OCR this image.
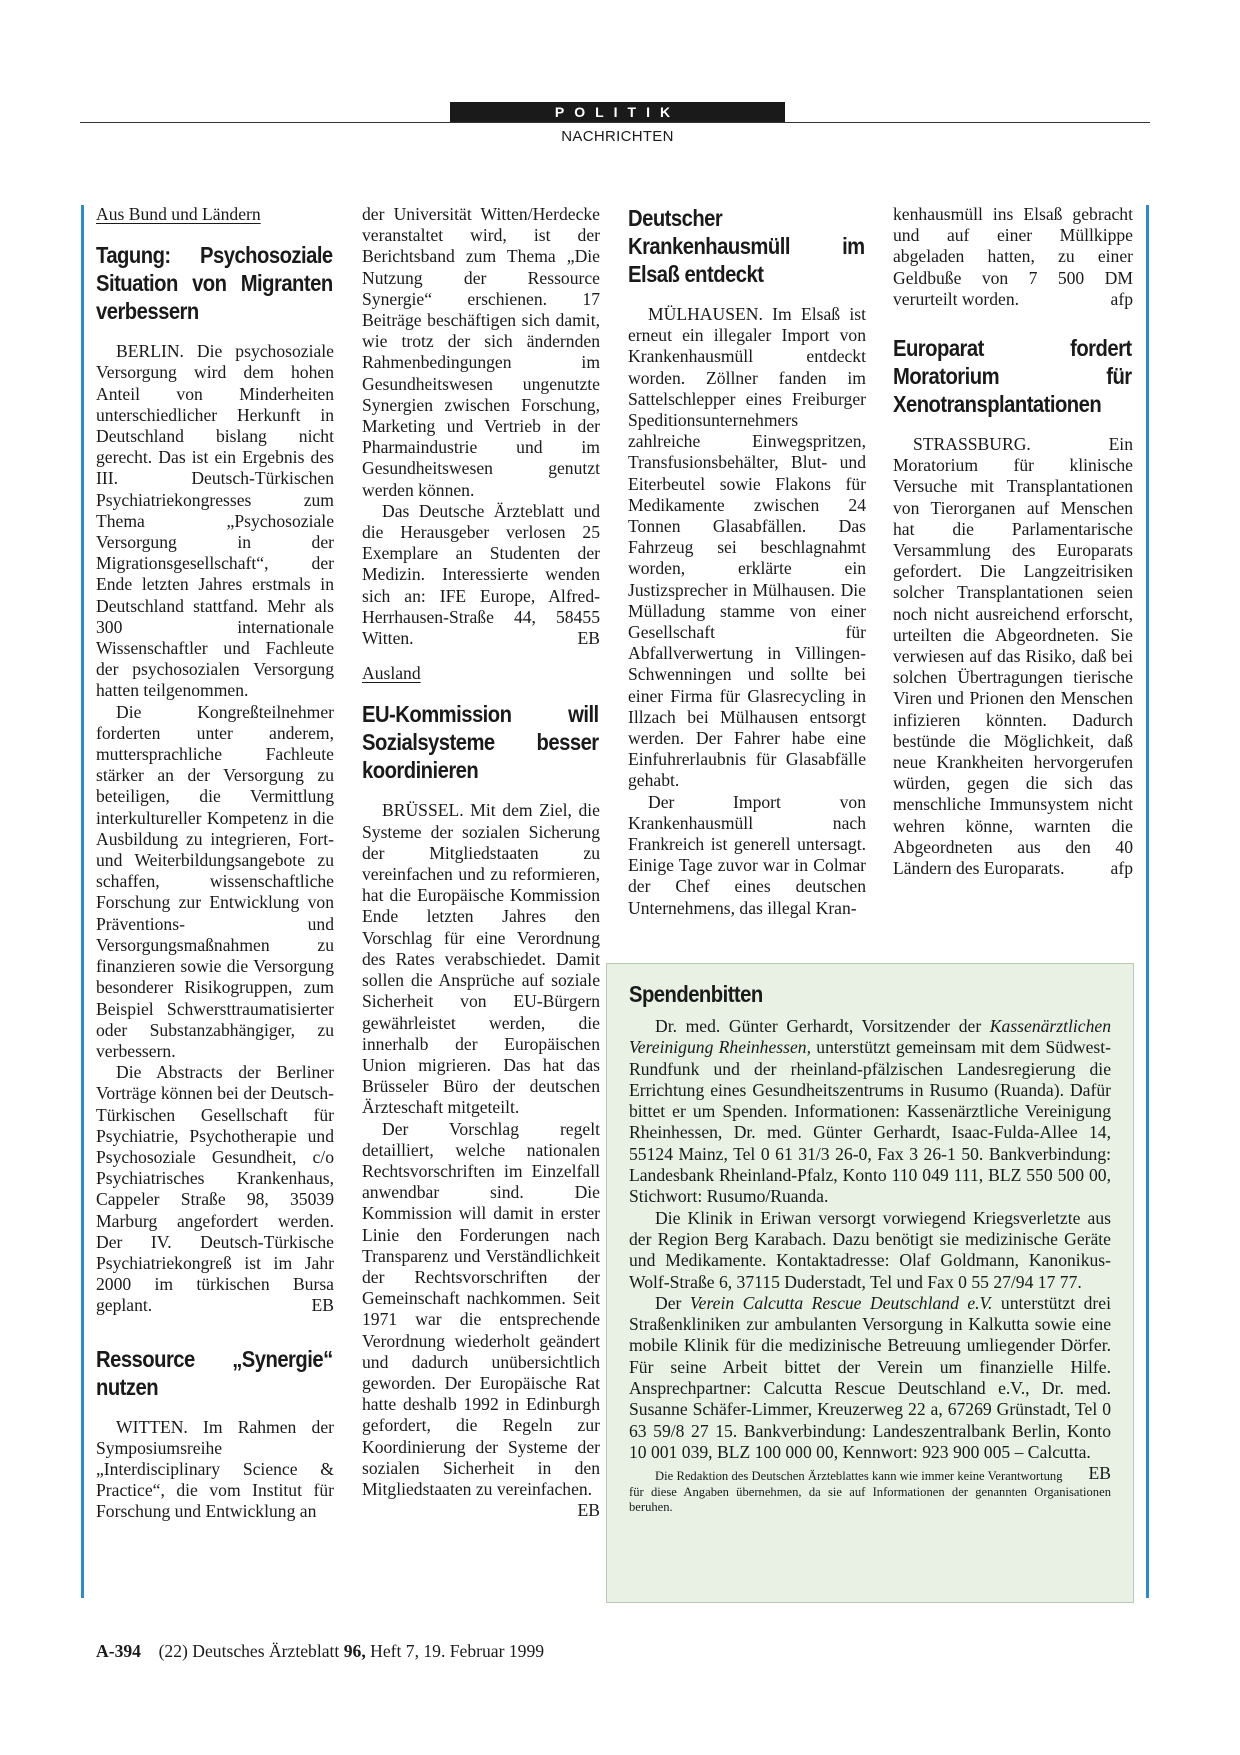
POLITIK
NACHRICHTEN
Aus Bund und Ländern
Tagung: Psychosoziale Situation von Migranten verbessern

BERLIN. Die psychosoziale Versorgung wird dem hohen Anteil von Minderheiten unterschiedlicher Herkunft in Deutschland bislang nicht gerecht. Das ist ein Ergebnis des III. Deutsch-Türkischen Psychiatriekongresses zum Thema „Psychosoziale Versorgung in der Migrationsgesellschaft“, der Ende letzten Jahres erstmals in Deutschland stattfand. Mehr als 300 internationale Wissenschaftler und Fachleute der psychosozialen Versorgung hatten teilgenommen.

Die Kongreßteilnehmer forderten unter anderem, muttersprachliche Fachleute stärker an der Versorgung zu beteiligen, die Vermittlung interkultureller Kompetenz in die Ausbildung zu integrieren, Fort- und Weiterbildungsangebote zu schaffen, wissenschaftliche Forschung zur Entwicklung von Präventions- und Versorgungsmaßnahmen zu finanzieren sowie die Versorgung besonderer Risikogruppen, zum Beispiel Schwersttraumatisierter oder Substanzabhängiger, zu verbessern.

Die Abstracts der Berliner Vorträge können bei der Deutsch-Türkischen Gesellschaft für Psychiatrie, Psychotherapie und Psychosoziale Gesundheit, c/o Psychiatrisches Krankenhaus, Cappeler Straße 98, 35039 Marburg angefordert werden. Der IV. Deutsch-Türkische Psychiatriekongreß ist im Jahr 2000 im türkischen Bursa geplant.	EB

Ressource „Synergie“ nutzen

WITTEN. Im Rahmen der Symposiumsreihe „Interdisciplinary Science & Practice“, die vom Institut für Forschung und Entwicklung an

der Universität Witten/Herdecke veranstaltet wird, ist der Berichtsband zum Thema „Die Nutzung der Ressource Synergie“ erschienen. 17 Beiträge beschäftigen sich damit, wie trotz der sich ändernden Rahmenbedingungen im Gesundheitswesen ungenutzte Synergien zwischen Forschung, Marketing und Vertrieb in der Pharmaindustrie und im Gesundheitswesen genutzt werden können.

Das Deutsche Ärzteblatt und die Herausgeber verlosen 25 Exemplare an Studenten der Medizin. Interessierte wenden sich an: IFE Europe, Alfred-Herrhausen-Straße 44, 58455 Witten.	EB

Ausland
EU-Kommission will Sozialsysteme besser koordinieren

BRÜSSEL. Mit dem Ziel, die Systeme der sozialen Sicherung der Mitgliedstaaten zu vereinfachen und zu reformieren, hat die Europäische Kommission Ende letzten Jahres den Vorschlag für eine Verordnung des Rates verabschiedet. Damit sollen die Ansprüche auf soziale Sicherheit von EU-Bürgern gewährleistet werden, die innerhalb der Europäischen Union migrieren. Das hat das Brüsseler Büro der deutschen Ärzteschaft mitgeteilt.

Der Vorschlag regelt detailliert, welche nationalen Rechtsvorschriften im Einzelfall anwendbar sind. Die Kommission will damit in erster Linie den Forderungen nach Transparenz und Verständlichkeit der Rechtsvorschriften der Gemeinschaft nachkommen. Seit 1971 war die entsprechende Verordnung wiederholt geändert und dadurch unübersichtlich geworden. Der Europäische Rat hatte deshalb 1992 in Edinburgh gefordert, die Regeln zur Koordinierung der Systeme der sozialen Sicherheit in den Mitgliedstaaten zu vereinfachen.
EB

Deutscher Krankenhausmüll im Elsaß entdeckt

MÜLHAUSEN. Im Elsaß ist erneut ein illegaler Import von Krankenhausmüll entdeckt worden. Zöllner fanden im Sattelschlepper eines Freiburger Speditionsunternehmers zahlreiche Einwegspritzen, Transfusionsbehälter, Blut- und Eiterbeutel sowie Flakons für Medikamente zwischen 24 Tonnen Glasabfällen. Das Fahrzeug sei beschlagnahmt worden, erklärte ein Justizsprecher in Mülhausen. Die Mülladung stamme von einer Gesellschaft für Abfallverwertung in Villingen-Schwenningen und sollte bei einer Firma für Glasrecycling in Illzach bei Mülhausen entsorgt werden. Der Fahrer habe eine Einfuhrerlaubnis für Glasabfälle gehabt.

Der Import von Krankenhausmüll nach Frankreich ist generell untersagt. Einige Tage zuvor war in Colmar der Chef eines deutschen Unternehmens, das illegal Kran-

kenhausmüll ins Elsaß gebracht und auf einer Müllkippe abgeladen hatten, zu einer Geldbuße von 7 500 DM verurteilt worden.	afp

Europarat fordert Moratorium für Xenotransplantationen

STRASSBURG. Ein Moratorium für klinische Versuche mit Transplantationen von Tierorganen auf Menschen hat die Parlamentarische Versammlung des Europarats gefordert. Die Langzeitrisiken solcher Transplantationen seien noch nicht ausreichend erforscht, urteilten die Abgeordneten. Sie verwiesen auf das Risiko, daß bei solchen Übertragungen tierische Viren und Prionen den Menschen infizieren könnten. Dadurch bestünde die Möglichkeit, daß neue Krankheiten hervorgerufen würden, gegen die sich das menschliche Immunsystem nicht wehren könne, warnten die Abgeordneten aus den 40 Ländern des Europarats.	afp

Spendenbitten

Dr. med. Günter Gerhardt, Vorsitzender der Kassenärztlichen Vereinigung Rheinhessen, unterstützt gemeinsam mit dem Südwest-Rundfunk und der rheinland-pfälzischen Landesregierung die Errichtung eines Gesundheitszentrums in Rusumo (Ruanda). Dafür bittet er um Spenden. Informationen: Kassenärztliche Vereinigung Rheinhessen, Dr. med. Günter Gerhardt, Isaac-Fulda-Allee 14, 55124 Mainz, Tel 0 61 31/3 26-0, Fax 3 26-1 50. Bankverbindung: Landesbank Rheinland-Pfalz, Konto 110 049 111, BLZ 550 500 00, Stichwort: Rusumo/Ruanda.

Die Klinik in Eriwan versorgt vorwiegend Kriegsverletzte aus der Region Berg Karabach. Dazu benötigt sie medizinische Geräte und Medikamente. Kontaktadresse: Olaf Goldmann, Kanonikus-Wolf-Straße 6, 37115 Duderstadt, Tel und Fax 0 55 27/94 17 77.

Der Verein Calcutta Rescue Deutschland e.V. unterstützt drei Straßenkliniken zur ambulanten Versorgung in Kalkutta sowie eine mobile Klinik für die medizinische Betreuung umliegender Dörfer. Für seine Arbeit bittet der Verein um finanzielle Hilfe. Ansprechpartner: Calcutta Rescue Deutschland e.V., Dr. med. Susanne Schäfer-Limmer, Kreuzerweg 22 a, 67269 Grünstadt, Tel 0 63 59/8 27 15. Bankverbindung: Landeszentralbank Berlin, Konto 10 001 039, BLZ 100 000 00, Kennwort: 923 900 005 – Calcutta.
EB

Die Redaktion des Deutschen Ärzteblattes kann wie immer keine Verantwortung für diese Angaben übernehmen, da sie auf Informationen der genannten Organisationen beruhen.
A-394 (22) Deutsches Ärzteblatt 96, Heft 7, 19. Februar 1999
